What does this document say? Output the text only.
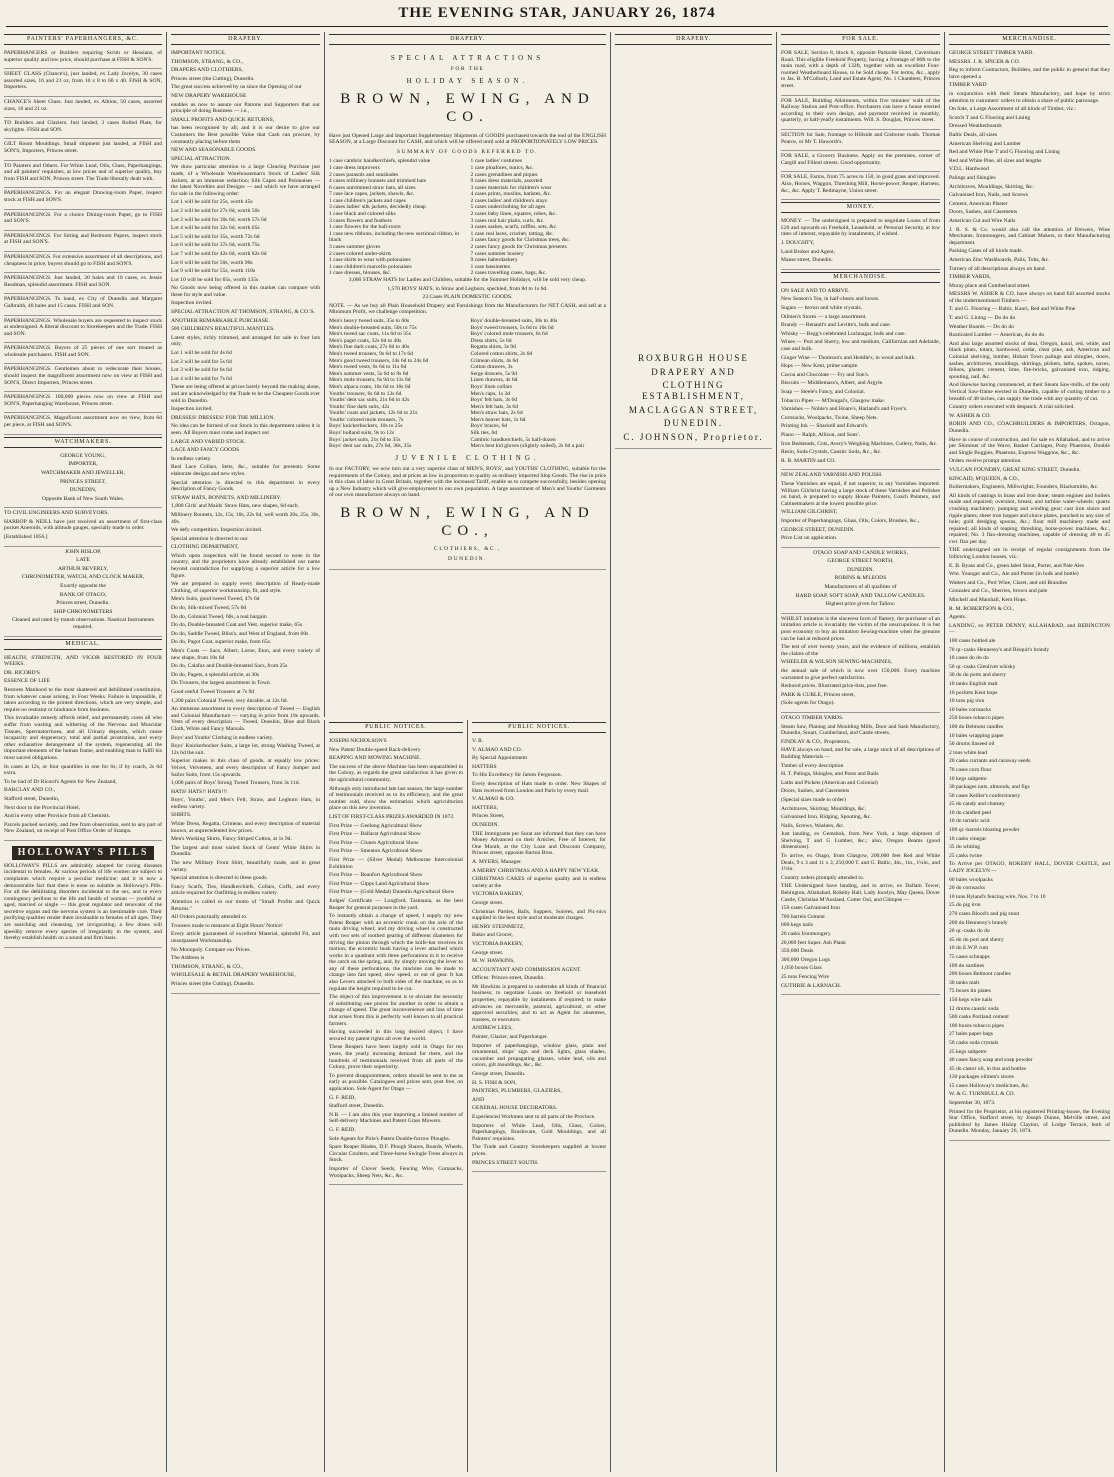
THE EVENING STAR, JANUARY 26, 1874
PAINTERS' PAPERHANGERS, &C.

PAPERHANGERS or Builders requiring Scrim or Hessians, of superior quality and low price, should purchase at FISH & SON'S.

SHEET GLASS (Chance's), just landed, ex Lady Jocelyn, 30 cases assorted sizes, 16 and 21 oz, from 10 x 8 to 60 x 40. FISH & SON, Importers.

CHANCE'S Sheet Glass. Just landed, ex Albion, 50 cases, assorted sizes, 16 and 21 oz.

TO Builders and Glaziers. Just landed, 3 cases Rolled Plate, for skylights. FISH and SON.

GILT Room Mouldings. Small shipment just landed, at FISH and SON'S, Importers, Princes street.

TO Painters and Others. For White Lead, Oils, Glass, Paperhangings, and all painters' requisites, at low prices and of superior quality, buy from FISH and SON, Princes street. The Trade liberally dealt with.

PAPERHANGINGS. For an elegant Drawing-room Paper, inspect stock at FISH and SON'S.

PAPERHANGINGS. For a choice Dining-room Paper, go to FISH and SON'S.

PAPERHANGINGS. For Sitting and Bedroom Papers, inspect stock at FISH and SON'S.

PAPERHANGINGS. For extensive assortment of all descriptions, and cheapness in price, buyers should go to FISH and SON'S.

PAPERHANGINGS. Just landed, 20 bales and 10 cases, ex Jessie Readman, splendid assortment. FISH and SON.

PAPERHANGINGS. To hand, ex City of Dunedin and Margaret Galbraith, 40 bales and 15 cases. FISH and SON.

PAPERHANGINGS. Wholesale buyers are requested to inspect stock at undersigned. A liberal discount to Storekeepers and the Trade. FISH and SON.

PAPERHANGINGS. Buyers of 25 pieces of one sort treated as wholesale purchasers. FISH and SON.

PAPERHANGINGS. Gentlemen about to redecorate their houses, should inspect the magnificent assortment now on view at FISH and SON'S, Direct Importers, Princes street.

PAPERHANGINGS. 100,000 pieces now on view at FISH and SON'S, Paperhanging Warehouse, Princes street.

PAPERHANGINGS. Magnificent assortment now on view, from 6d per piece, at FISH and SON'S.

WATCHMAKERS.

GEORGE YOUNG,

IMPORTER,

WATCHMAKER AND JEWELLER,

PRINCES STREET,

DUNEDIN,

Opposite Bank of New South Wales.

TO CIVIL ENGINEERS AND SURVEYORS.

HARROP & NEILL have just received an assortment of first-class pocket Aneroids, with altitude gauges, specially made to order.

[Established 1856.]

JOHN HISLOP,

LATE

ARTHUR BEVERLY,

CHRONOMETER, WATCH, AND CLOCK MAKER,

Exactly opposite the

BANK OF OTAGO,

Princes street, Dunedin.

SHIP CHRONOMETERS

Cleaned and rated by transit observations. Nautical Instruments repaired.

MEDICAL.

HEALTH, STRENGTH, AND VIGOR RESTORED IN FOUR WEEKS.

DR. RICORD'S

ESSENCE OF LIFE

Restores Manhood to the most shattered and debilitated constitution, from whatever cause arising, in Four Weeks. Failure is impossible, if taken according to the printed directions, which are very simple, and require no restraint or hindrance from business.

This invaluable remedy affords relief, and permanently cures all who suffer from wasting and withering of the Nervous and Muscular Tissues, Spermatorrhoea, and all Urinary deposits, which cause incapacity and degeneracy, total and partial prostration, and every other exhaustive derangement of the system, regenerating all the important elements of the human frame, and enabling man to fulfil his most sacred obligations.

In cases at 12s, or four quantities in one for 6s; if by coach, 2s 6d extra.

To be had of Dr Ricord's Agents for New Zealand,

BARCLAY AND CO.,

Stafford street, Dunedin,

Next door to the Provincial Hotel,

And in every other Province from all Chemists.

Parcels packed securely, and free from observation, sent to any part of New Zealand, on receipt of Post Office Order of Stamps.

HOLLOWAY'S PILLS

HOLLOWAY'S PILLS are admirably adapted for curing diseases incidental to females. At various periods of life women are subject to complaints which require a peculiar medicine; and it is now a demonstrable fact that there is none so suitable as Holloway's Pills. For all the debilitating disorders incidental to the sex, and in every contingency perilous to the life and health of woman — youthful or aged, married or single — this great regulator and renovator of the secretive organs and the nervous system is an inestimable cure. Their purifying qualities render them invaluable to females of all ages. They are searching and cleansing, yet invigorating; a few doses will speedily remove every species of irregularity in the system, and thereby establish health on a sound and firm basis.

DRAPERY.

IMPORTANT NOTICE.

THOMSON, STRANG, & CO.,

DRAPERS AND CLOTHIERS,

Princes street (the Cutting), Dunedin.

The great success achieved by us since the Opening of our

NEW DRAPERY WAREHOUSE

enables us now to assure our Patrons and Supporters that our principle of doing Business — i.e.,

SMALL PROFITS AND QUICK RETURNS,

has been recognised by all; and it is our desire to give our Customers the Best possible Value that Cash can procure, by constantly placing before them

NEW AND SEASONABLE GOODS.

SPECIAL ATTRACTION.

We draw particular attention to a large Clearing Purchase just made, of a Wholesale Warehouseman's Stock of Ladies' Silk Jackets, at an immense reduction; Silk Capes and Polonaises — the latest Novelties and Designs — and which we have arranged for sale in the following order:

Lot 1 will be sold for 25s, worth 45s

Lot 2 will be sold for 27s 6d, worth 50s

Lot 3 will be sold for 30s 6d, worth 57s 6d

Lot 4 will be sold for 32s 6d, worth 65s

Lot 5 will be sold for 35s, worth 72s 6d

Lot 6 will be sold for 37s 6d, worth 75s

Lot 7 will be sold for 42s 6d, worth 82s 6d

Lot 8 will be sold for 50s, worth 90s

Lot 9 will be sold for 55s, worth 110s

Lot 10 will be sold for 65s, worth 135s

No Goods now being offered in this market can compare with these for style and value.

Inspection invited.

SPECIAL ATTRACTION AT THOMSON, STRANG, & CO.'S.

ANOTHER REMARKABLE PURCHASE.

500 CHILDREN'S BEAUTIFUL MANTLES.

Latest styles, richly trimmed, and arranged for sale in four lots only.

Lot 1 will be sold for 4s 6d

Lot 2 will be sold for 5s 6d

Lot 3 will be sold for 6s 6d

Lot 4 will be sold for 7s 6d

These are being offered at prices barely beyond the making alone, and are acknowledged by the Trade to be the Cheapest Goods ever sold in Dunedin.

Inspection invited.

DRESSES! DRESSES! FOR THE MILLION.

No idea can be formed of our Stock in this department unless it is seen. All Buyers must come and inspect our

LARGE AND VARIED STOCK.

LACE AND FANCY GOODS

In endless variety.

Real Lace Collars, Setts, &c., suitable for presents. Some elaborate designs and new styles.

Special attention is directed to this department in every description of Fancy Goods.

STRAW HATS, BONNETS, AND MILLINERY.

1,800 Girls' and Maids' Straw Hats, new shapes, 6d each.

Millinery Bonnets, 12s, 15s, 18s, 22s 6d, well worth 20s, 25s, 30s, 40s.

We defy competition. Inspection invited.

Special attention is directed to our

CLOTHING DEPARTMENT,

Which upon inspection will be found second to none in the country, and the proprietors have already established our name beyond contradiction for supplying a superior article for a low figure.

We are prepared to supply every description of Ready-made Clothing, of superior workmanship, fit, and style.

Men's Suits, good tweed Tweed, 47s 6d

Do do, Silk-mixed Tweed, 57s 6d

Do do, Colonial Tweed, 60s, a real bargain

Do do, Double-breasted Coat and Vest, superior make, 65s

Do do, Saddle Tweed, Bliss's, and West of England, from 60s

Do do, Pagot Coat, superior make, from 65s.

Men's Coats — Sacs, Albert, Lorne, Eton, and every variety of new shape, from 10s 6d

Do do, Calafax and Double-breasted Sacs, from 25s

Do do, Pagets, a splendid article, at 30s

Do Trousers, the largest assortment in Town.

Good useful Tweed Trousers at 7s 9d

1,200 pairs Colonial Tweed, very durable, at 12s 6d.

An immense assortment in every description of Tweed — English and Colonial Manufacture — varying in price from 10s upwards. Vests of every description — Tweed, Doeskin, Blue and Black Cloth, White and Fancy Marsala.

Boys' and Youths' Clothing in endless variety.

Boys' Knickerbocker Suits, a large lot, strong Washing Tweed, at 12s 6d the suit.

Superior makes in this class of goods, at equally low prices: Velvet, Velveteen, and every description of Fancy Jumper and Sailor Suits, from 15s upwards.

1,000 pairs of Boys' Strong Tweed Trousers, from 3s 11d.

HATS! HATS!! HATS!!!

Boys', Youths', and Men's Felt, Straw, and Leghorn Hats, in endless variety.

SHIRTS.

White Dress, Regatta, Crimean, and every description of material known, at unprecedented low prices.

Men's Working Shirts, Fancy Striped Cotton, at 1s 9d.

The largest and most varied Stock of Gents' White Shirts in Dunedin.

The new Military Front Shirt, beautifully made, and in great variety.

Special attention is directed to these goods.

Fancy Scarfs, Ties, Handkerchiefs, Collars, Cuffs, and every article required for Outfitting in endless variety.

Attention is called to our motto of "Small Profits and Quick Returns."

All Orders punctually attended to.

Trousers made to measure at Eight Hours' Notice!

Every article guaranteed of excellent Material, splendid Fit, and unsurpassed Workmanship.

No Monopoly. Compare our Prices.

The Address is

THOMSON, STRANG, & CO.,

WHOLESALE & RETAIL DRAPERY WAREHOUSE,

Princes street (the Cutting), Dunedin.

DRAPERY.
SPECIAL ATTRACTIONS
FOR THE
HOLIDAY SEASON.
BROWN, EWING, AND CO.

Have just Opened Large and Important Supplementary Shipments of GOODS purchased towards the end of the ENGLISH SEASON, at a Large Discount for CASH, and which will be offered until sold at PROPORTIONATELY LOW PRICES.

SUMMARY OF GOODS REFERRED TO.

1 case cambric handkerchiefs, splendid value

1 case dress improvers

2 cases parasols and sunshades

4 cases millinery bonnets and trimmed hats

6 cases untrimmed straw hats, all sizes

7 case lace capes, jackets, shawls, &c.

1 case children's jackets and capes

3 cases ladies' silk jackets, decidedly cheap

1 case black and colored silks

3 cases flowers and feathers

1 case flowers for the ball-room

1 case new ribbons, including the new sectional ribbon, in black

3 cases summer gloves

2 cases colored under-skirts

1 case skirts to wear with polonaises

1 case children's marcello polonaises

1 case dresses, blouses, &c.

1 case ladies' costumes

1 case pinafores, tunics, &c.

2 cases grenadines and piques

9 cases dress materials, assorted

3 cases materials for children's wear

4 cases prints, muslins, batistes, &c.

2 cases ladies' and children's stays

5 cases underclothing for all ages

2 cases baby linen, squares, robes, &c.

3 cases real hair plaits, curls, &c.

3 cases sashes, scarfs, ruffles, sets, &c.

1 case real laces, crochet, tatting, &c.

3 cases fancy goods for Christmas trees, &c.

2 cases fancy goods for Christmas presents

7 cases summer hosiery

9 cases haberdashery

1 case bassinettes

2 cases travelling cases, bags, &c.

3,000 STRAW HATS for Ladies and Children, suitable for the Summer Holidays, will be sold very cheap.

1,570 BOYS' HATS, in Straw and Leghorn, speckled, from 8d to 1s 6d.

23 Cases PLAIN DOMESTIC GOODS.

NOTE. — As we buy all Plain Household Drapery and Furnishings from the Manufacturers for NET CASH, and sell at a Minimum Profit, we challenge competition.

Men's heavy tweed suits, 35s to 60s

Men's double-breasted suits, 50s to 75s

Men's tweed sac coats, 11s 6d to 35s

Men's paget coats, 32s 6d to 40s

Men's fine dark coats, 27s 6d to 40s

Men's tweed trousers, 9s 6d to 17s 6d

Men's good tweed trousers, 14s 6d to 24s 6d

Men's tweed vests, 6s 6d to 11s 6d

Men's summer vests, 5s 6d to 9s 6d

Men's mole trousers, 6s 9d to 11s 6d

Men's alpaca coats, 16s 6d to 16s 6d

Youths' trousers, 6s 6d to 13s 6d

Youths' dent sac suits, 21s 6d to 42s

Youths' fine dark suits, 42s

Youths' coats and jackets, 12s 6d to 21s

Youths' colored mole trousers, 7s

Boys' knickerbockers, 10s to 25s

Boys' holland suits, 9s to 12s

Boys' jacket suits, 21s 6d to 35s

Boys' dent sac suits, 27s 6d, 30s, 35s

Boys' double-breasted suits, 30s to 40s

Boys' tweed trousers, 5s 6d to 10s 6d

Boys' colored mole trousers, 6s 6d

Dress shirts, 5s 6d

Regatta shirts, 3s 9d

Colored cotton shirts, 2s 6d

Crimean shirts, 4s 6d

Cotton drawers, 3s

Serge drawers, 5s 9d

Linen drawers, 4s 6d

Boys' linen collars

Men's caps, 1s 3d

Boys' felt hats, 3s 6d

Men's felt hats, 3s 6d

Men's straw hats, 2s 6d

Men's beaver hats, 1s 6d

Boys' braces, 6d

Silk ties, 6d

Cambric handkerchiefs, 5s half-dozen

Men's best kid gloves (slightly soiled), 2s 6d a pair

JUVENILE CLOTHING.

In our FACTORY, we now turn out a very superior class of MEN'S, BOYS', and YOUTHS' CLOTHING, suitable for the requirements of the Colony, and at prices as low in proportion to quality as ordinary imported Slop Goods. The rise in price in this class of labor in Great Britain, together with the increased Tariff, enable us to compete successfully, besides opening up a New Industry which will give employment to our own population. A large assortment of Men's and Youths' Garments of our own manufacture always on hand.

BROWN, EWING, AND CO.,
CLOTHIERS, &C.,
DUNEDIN.
PUBLIC NOTICES.

JOSEPH NICHOLSON'S

New Patent Double-speed Back-delivery

REAPING AND MOWING MACHINE.

The success of the above Machine has been unparalleled in the Colony, as regards the great satisfaction it has given to the agricultural community.

Although only introduced late last season, the large number of testimonials received as to its efficiency, and the great number sold, show the estimation which agriculturists place on this new invention.

LIST OF FIRST-CLASS PRIZES AWARDED IN 1872.

First Prize — Geelong Agricultural Show

First Prize — Ballarat Agricultural Show

First Prize — Clunes Agricultural Show

First Prize — Smeaton Agricultural Show

First Prize — (Silver Medal) Melbourne Intercolonial Exhibition

First Prize — Beaufort Agricultural Show

First Prize — Gipps Land Agricultural Show

First Prize — (Gold Medal) Dunedin Agricultural Show

Judges' Certificate — Longford, Tasmania, as the best Reaper for general purposes in the yard.

To instantly obtain a change of speed, I supply my new Patent Reaper with an eccentric trunk on the axle of the main driving wheel; and my driving wheel is constructed with two sets of toothed gearing of different diameters for driving the pinion through which the knife-bar receives its motion; the eccentric bush having a lever attached which works in a quadrant with three perforations in it to receive the catch on the spring, and, by simply moving the lever to any of these perforations, the machine can be made to change into fast speed, slow speed, or out of gear. It has also Levers attached to both sides of the machine, so as to regulate the height required to be cut.

The object of this improvement is to obviate the necessity of substituting one pinion for another in order to obtain a change of speed. The great inconvenience and loss of time that arises from this is perfectly well known to all practical farmers.

Having succeeded in this long desired object, I have secured my patent rights all over the world.

These Reapers have been largely sold in Otago for ten years, the yearly increasing demand for them, and the hundreds of testimonials received from all parts of the Colony, prove their superiority.

To prevent disappointment, orders should be sent to me as early as possible. Catalogues and prices sent, post free, on application. Sole Agent for Otago —

G. F. REID,

Stafford street, Dunedin.

N.B. — I am also this year importing a limited number of Self-delivery Machines and Patent Grass Mowers.

G. F. REID.

Sole Agents for Pirie's Patent Double-furrow Ploughs.

Spare Reaper Blades, D.F. Plough Shares, Boards, Wheels, Circular Coulters, and Three-horse Swingle Trees always in Stock.

Importer of Clover Seeds, Fencing Wire, Cornsacks, Woolpacks, Sheep Nets, &c., &c.

PUBLIC NOTICES.

V. R.

V. ALMAO AND CO.

By Special Appointment

HATTERS

To His Excellency Sir James Fergusson.

Every description of Hats made to order. New Shapes of Hats received from London and Paris by every mail.

V. ALMAO & CO.

HATTERS,

Princes Street,

DUNEDIN.

THE Immigrants per Surat are informed that they can have Money Advanced on their Articles, Free of Interest, for One Month, at the City Loan and Discount Company, Princes street, opposite Barton Bros.

A. MYERS, Manager.

A MERRY CHRISTMAS AND A HAPPY NEW YEAR.

CHRISTMAS CAKES of superior quality and in endless variety at the

VICTORIA BAKERY,

George street.

Christmas Parties, Balls, Suppers, Soirées, and Pic-nics supplied in the best style and at moderate charges.

HENRY STEINMETZ,

Baker and Grocer,

VICTORIA BAKERY,

George street.

M. W. HAWKINS,

ACCOUNTANT AND COMMISSION AGENT.

Offices: Princes street, Dunedin.

Mr Hawkins is prepared to undertake all kinds of financial business; to negotiate Loans on freehold or leasehold properties, repayable by instalments if required; to make advances on mercantile, pastoral, agricultural, or other approved securities; and to act as Agent for absentees, trustees, or executors.

ANDREW LEES,

Painter, Glazier, and Paperhanger.

Importer of paperhangings, window glass, plain and ornamental, ships' sign and deck lights, glass shades, cucumber and propagating glasses, white lead, oils and colors, gilt mouldings, &c., &c.

George street, Dunedin.

H. S. FISH & SON,

PAINTERS, PLUMBERS, GLAZIERS,

AND

GENERAL HOUSE DECORATORS.

Experienced Workmen sent to all parts of the Province.

Importers of White Lead, Oils, Glass, Colors, Paperhangings, Brushware, Gold Mouldings, and all Painters' requisites.

The Trade and Country Storekeepers supplied at lowest prices.

PRINCES STREET SOUTH.

DRAPERY.

ROXBURGH HOUSE

DRAPERY AND

CLOTHING ESTABLISHMENT,

MACLAGGAN STREET,

DUNEDIN.

C. JOHNSON, Proprietor.

FOR SALE.

FOR SALE, Section 8, block 6, opposite Parkside Hotel, Caversham Road. This eligible Freehold Property, having a frontage of 66ft to the main road, with a depth of 132ft, together with an excellent Four-roomed Weatherboard House, to be Sold cheap. For terms, &c., apply to Jas. B. M'Culloch, Land and Estate Agent, No. 1 Chambers, Princes street.

FOR SALE, Building Allotments, within five minutes' walk of the Railway Station and Post-office. Purchasers can have a house erected according to their own design, and payment received in monthly, quarterly, or half-yearly instalments. Will. S. Douglas, Princes street.

SECTION for Sale, frontage to Hillside and Gisborne roads. Thomas Pearce, or Mr T. Haworth's.

FOR SALE, a Grocery Business. Apply on the premises, corner of Cargill and Filleul streets. Good opportunity.

FOR SALE, Farms, from 75 acres to 150, in good grass and improved. Also, Horses, Waggon, Threshing Mill, Horse-power, Reaper, Harness, &c., &c. Apply T. Redmayne, Union street.

MONEY.

MONEY. — The undersigned is prepared to negotiate Loans of from £20 and upwards on Freehold, Leasehold, or Personal Security, at low rates of interest, repayable by instalments, if wished.

J. DOUGHTY,

Land Broker and Agent,

Manse street, Dunedin.

MERCHANDISE.

ON SALE AND TO ARRIVE.

New Season's Tea, in half-chests and boxes.

Sugars — brown and white crystals.

Oilmen's Stores — a large assortment.

Brandy — Renault's and Levitte's, bulk and case.

Whisky — Begg's celebrated Lochnagar, bulk and case.

Wines — Port and Sherry, low and medium, Californian and Adelaide, case and bulk.

Ginger Wine — Thomson's and Heddle's, in wood and bulk.

Hops — New Kent, prime sample.

Cocoa and Chocolate — Fry and Son's.

Biscuits — Middlemass's, Albert, and Argyle.

Soap — Steele's Fancy, and Colonial.

Tobacco Pipes — M'Dougal's, Glasgow make.

Varnishes — Noble's and Hoare's, Harland's and Fryer's.

Cornsacks, Woolpacks, Twine, Sheep Nets.

Printing Ink — Shackell and Edward's.

Piano — Ralph, Allison, and Sons'.

Iron Bedsteads, Cots, Avery's Weighing Machines, Cutlery, Nails, &c.

Resin, Soda Crystals, Caustic Soda, &c., &c.

R. B. MARTIN and CO.

NEW ZEALAND VARNISH AND POLISH.

These Varnishes are equal, if not superior, to any Varnishes imported. William Gilchrist having a large stock of these Varnishes and Polishes on hand, is prepared to supply House Painters, Coach Painters, and Cabinetmakers at the lowest possible price.

WILLIAM GILCHRIST,

Importer of Paperhangings, Glass, Oils, Colors, Brushes, &c.,

GEORGE STREET, DUNEDIN.

Price List on application.

OTAGO SOAP AND CANDLE WORKS,

GEORGE STREET NORTH,

DUNEDIN.

ROBINS & M'LEODS

Manufacturers of all qualities of

HARD SOAP, SOFT SOAP, AND TALLOW CANDLES.

Highest price given for Tallow.

WHILST imitation is the sincerest form of flattery, the purchaser of an imitation article is invariably the victim of the unscrupulous. It is but poor economy to buy an imitation Sewing-machine when the genuine can be had at reduced prices.

The test of over twenty years, and the evidence of millions, establish the claims of the

WHEELER & WILSON SEWING-MACHINES,

the annual sale of which is now over 150,000. Every machine warranted to give perfect satisfaction.

Reduced prices. Illustrated price-lists, post free.

PARK & CURLE, Princes street,

(Sole agents for Otago).

OTAGO TIMBER YARDS.

Steam Saw, Planing and Moulding Mills, Door and Sash Manufactory, Dunedin, Stuart, Cumberland, and Castle streets.

FINDLAY & CO., Proprietors,

HAVE always on hand, and for sale, a large stock of all descriptions of Building Materials —

Timber of every description

H. T. Palings, Shingles, and Posts and Rails

Laths and Pickets (American and Colonial)

Doors, Sashes, and Casements

(Special sizes made to order)

Architraves, Skirting, Mouldings, &c.

Galvanised Iron, Ridging, Spouting, &c.

Nails, Screws, Washers, &c.

Just landing, ex Gemsbok, from New York, a large shipment of Shelving, T and G Lumber, &c.; also, Oregon Beams (good dimensions).

To arrive, ex Otago, from Glasgow, 200,000 feet Red and White Deals, 9 x 3 and 11 x 3; 250,000 T. and G. Baltic, 4in., 1in., 1¼in., and 1½in.

Country orders promptly attended to.

THE Undersigned have landing, and to arrive, ex Dallam Tower, Bebington, Allahabad, Rokeby Hall, Lady Jocelyn, May Queen, Dover Castle, Christian M'Ausland, Cutter Oul, and Glimpse —

150 cases Galvanised Iron

700 barrels Cement

600 kegs nails

20 casks Ironmongery

20,000 feet Super. Ash Plank

350,000 Deals

300,000 Oregon Logs

1,050 boxes Glass

25 tons Fencing Wire

GUTHRIE & LARNACH.

MERCHANDISE.

GEORGE STREET TIMBER YARD.

MESSRS. J. R. SPICER & CO.

Beg to inform Contractors, Builders, and the public in general that they have opened a

TIMBER YARD

in conjunction with their Steam Manufactory, and hope by strict attention to customers' orders to obtain a share of public patronage.

On Sale, a Large Assortment of all kinds of Timber, viz.:

Scotch T and G Flooring and Lining

Dressed Weatherboards

Baltic Deals, all sizes

American Shelving and Lumber

Red and White Pine T and G Flooring and Lining

Red and White Pine, all sizes and lengths

V.D.L. Hardwood

Palings and Shingles

Architraves, Mouldings, Skirting, &c.

Galvanised Iron, Nails, and Screws

Cement, American Plaster

Doors, Sashes, and Casements

American Cut and Wire Nails

J. R. S. & Co. would also call the attention of Brewers, Wine Merchants, Ironmongers, and Cabinet Makers, to their Manufacturing department.

Packing Cases of all kinds made.

American Zinc Washboards, Pails, Tubs, &c.

Turnery of all descriptions always on hand.

TIMBER YARDS,

Moray place and Cumberland street.

MESSRS W. ASHER & CO. have always on hand full assorted stocks of the undermentioned Timbers —

T. and G. Flooring — Baltic, Kauri, Red and White Pine

T. and G. Lining — Do do do

Weather Boards — Do do do

Rusticated Lumber — American, do do do

And also large assorted stocks of deal, Oregon, kauri, red, white, and black pines, totara, hardwood, cedar, clear pine, ash, American and Colonial shelving, lumber, Hobart Town palings and shingles, doors, sashes, architraves, mouldings, skirtings, pickets, laths, spokes, naves, felloes, plaster, cement, lime, fire-bricks, galvanised iron, ridging, spouting, nail, &c.

And likewise having commenced, at their Steam Saw-mills, of the only Vertical Saw-frame erected in Dunedin, capable of cutting timber to a breadth of 48 inches, can supply the trade with any quantity of cut.

Country orders executed with despatch. A trial solicited.

W. ASHER & CO.

ROBIN AND CO., COACHBUILDERS & IMPORTERS, Octagon, Dunedin.

Have in course of construction, and for sale ex Allahabad, and to arrive per Shimmer of the Wave, Basket Carriages, Pony Phaetons, Double and Single Buggies, Phaetons, Express Waggons, &c., &c.

Orders receive prompt attention.

VULCAN FOUNDRY, GREAT KING STREET, Dunedin.

KINCAID, M'QUEEN, & CO.,

Boilermakers, Engineers, Millwrights, Founders, Blacksmiths, &c.

All kinds of castings in brass and iron done; steam engines and boilers made and repaired; overshot, breast, and turbine water-wheels; quartz crushing machinery; pumping and winding gear; cast iron sluice and ripple plates; sheet iron hopper and sluice plates, punched to any size of hole; gold dredging spoons, &c.; flour mill machinery made and repaired; all kinds of reaping, threshing, horse-power machines, &c., repaired; No. 3 flax-dressing machines, capable of dressing 40 to 45 cwt. flax per day.

THE undersigned are in receipt of regular consignments from the following London houses, viz.:

E. B. Byass and Co., green label Stout, Porter, and Pale Ales

Wm. Younger and Co., Ale and Porter (in bulk and bottle)

Watters and Co., Port Wine, Claret, and old Brandies

Gonzalez and Co., Sherries, brown and pale

Mitchell and Marshall, Kent Hops.

R. M. ROBERTSON & CO.,

Agents.

LANDING, ex PETER DENNY, ALLAHABAD, and BEBINGTON —

100 cases bottled ale

70 qr.-casks Hennessy's and Bisquit's brandy

10 cases do do do

50 qr.-casks Glenlivet whisky

30 do do ports and sherry

10 tanks English malt

10 pockets Kent hops

10 tons pig iron

10 bales cornsacks

250 boxes tobacco pipes

100 do Belmont candles

10 bales wrapping paper

50 drums linseed oil

2 tons white lead

20 casks currants and caraway seeds

70 cases corn flour

10 kegs saltpetre

30 packages nuts, almonds, and figs

50 cases Keiller's confectionery

25 do candy and chutney

10 do candied peel

10 do tartaric acid

100 qr.-barrels bloating powder

10 casks vinegar

35 do whiting

25 casks twine

To Arrive per OTAGO, ROKEBY HALL, DOVER CASTLE, and LADY JOCELYN —

60 bales woolpacks

20 do cornsacks

10 tons Ryland's fencing wire, Nos. 7 to 10

25 do pig iron

270 cases Blood's and pig stout

200 do Hennessy's brandy

20 qr.-casks do do

45 do do port and sherry

10 do E.W.P. rum

75 cases schnapps

100 do sardines

200 boxes Belmont candles

30 tanks malt

75 boxes tin plates

150 kegs wire nails

12 drums caustic soda

500 casks Portland cement

100 boxes tobacco pipes

27 bales paper bags

50 casks soda crystals

25 kegs saltpetre

40 cases fancy soap and soap powder

45 do castor oil, in tins and bottles

130 packages oilmen's stores

15 cases Holloway's medicines, &c.

W. & G. TURNBULL & CO.

September 30, 1873.

Printed for the Proprietor, at his registered Printing-house, the Evening Star Office, Stafford street, by Joseph Dunne, Melville street, and published by James Hislop Clayton, of Lodge Terrace, both of Dunedin. Monday, January 26, 1874.
